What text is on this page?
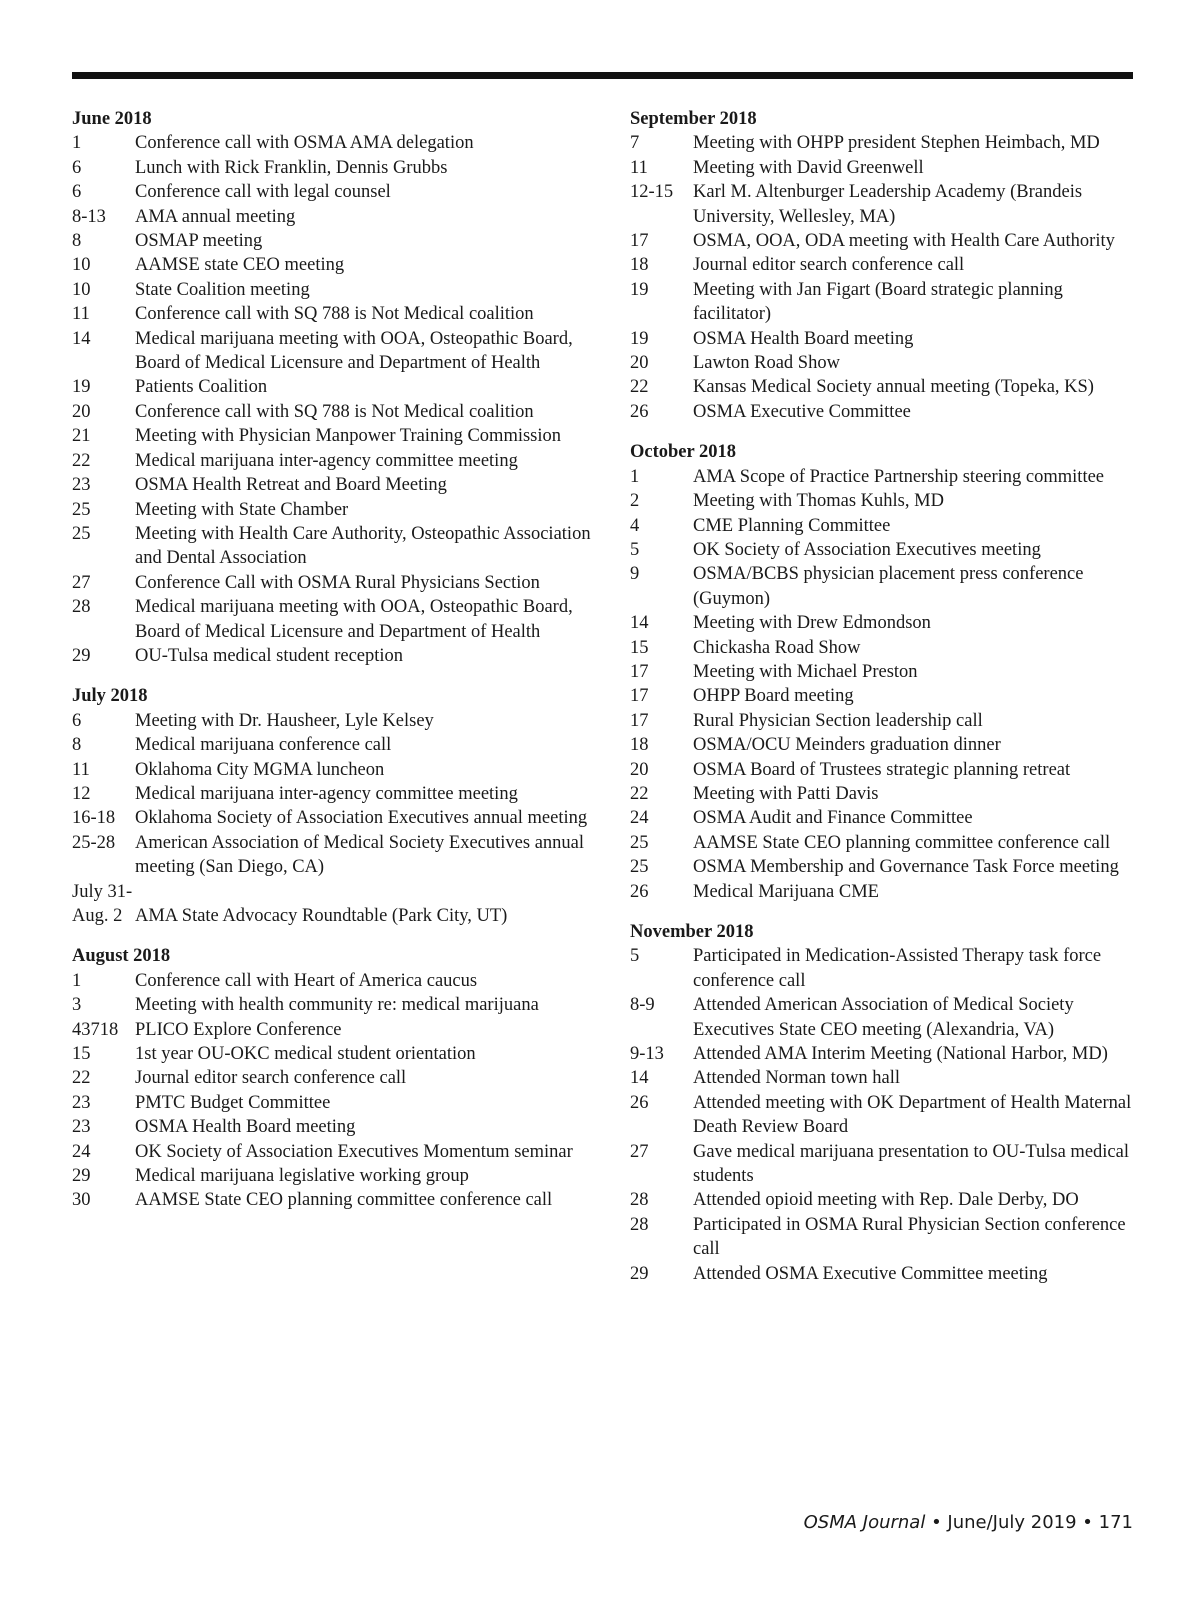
June 2018
1	Conference call with OSMA AMA delegation
6	Lunch with Rick Franklin, Dennis Grubbs
6	Conference call with legal counsel
8-13	AMA annual meeting
8	OSMAP meeting
10	AAMSE state CEO meeting
10	State Coalition meeting
11	Conference call with SQ 788 is Not Medical coalition
14	Medical marijuana meeting with OOA, Osteopathic Board, Board of Medical Licensure and Department of Health
19	Patients Coalition
20	Conference call with SQ 788 is Not Medical coalition
21	Meeting with Physician Manpower Training Commission
22	Medical marijuana inter-agency committee meeting
23	OSMA Health Retreat and Board Meeting
25	Meeting with State Chamber
25	Meeting with Health Care Authority, Osteopathic Association and Dental Association
27	Conference Call with OSMA Rural Physicians Section
28	Medical marijuana meeting with OOA, Osteopathic Board, Board of Medical Licensure and Department of Health
29	OU-Tulsa medical student reception
July 2018
6	Meeting with Dr. Hausheer, Lyle Kelsey
8	Medical marijuana conference call
11	Oklahoma City MGMA luncheon
12	Medical marijuana inter-agency committee meeting
16-18	Oklahoma Society of Association Executives annual meeting
25-28	American Association of Medical Society Executives annual meeting (San Diego, CA)
July 31-
Aug. 2 AMA State Advocacy Roundtable (Park City, UT)
August 2018
1	Conference call with Heart of America caucus
3	Meeting with health community re: medical marijuana
43718 PLICO Explore Conference
15	1st year OU-OKC medical student orientation
22	Journal editor search conference call
23	PMTC Budget Committee
23	OSMA Health Board meeting
24	OK Society of Association Executives Momentum seminar
29	Medical marijuana legislative working group
30	AAMSE State CEO planning committee conference call
September 2018
7	Meeting with OHPP president Stephen Heimbach, MD
11	Meeting with David Greenwell
12-15	Karl M. Altenburger Leadership Academy (Brandeis University, Wellesley, MA)
17	OSMA, OOA, ODA meeting with Health Care Authority
18	Journal editor search conference call
19	Meeting with Jan Figart (Board strategic planning facilitator)
19	OSMA Health Board meeting
20	Lawton Road Show
22	Kansas Medical Society annual meeting (Topeka, KS)
26	OSMA Executive Committee
October 2018
1	AMA Scope of Practice Partnership steering committee
2	Meeting with Thomas Kuhls, MD
4	CME Planning Committee
5	OK Society of Association Executives meeting
9	OSMA/BCBS physician placement press conference (Guymon)
14	Meeting with Drew Edmondson
15	Chickasha Road Show
17	Meeting with Michael Preston
17	OHPP Board meeting
17	Rural Physician Section leadership call
18	OSMA/OCU Meinders graduation dinner
20	OSMA Board of Trustees strategic planning retreat
22	Meeting with Patti Davis
24	OSMA Audit and Finance Committee
25	AAMSE State CEO planning committee conference call
25	OSMA Membership and Governance Task Force meeting
26	Medical Marijuana CME
November 2018
5	Participated in Medication-Assisted Therapy task force conference call
8-9	Attended American Association of Medical Society Executives State CEO meeting (Alexandria, VA)
9-13	Attended AMA Interim Meeting (National Harbor, MD)
14	Attended Norman town hall
26	Attended meeting with OK Department of Health Maternal Death Review Board
27	Gave medical marijuana presentation to OU-Tulsa medical students
28	Attended opioid meeting with Rep. Dale Derby, DO
28	Participated in OSMA Rural Physician Section conference call
29	Attended OSMA Executive Committee meeting
OSMA Journal • June/July 2019 • 171
